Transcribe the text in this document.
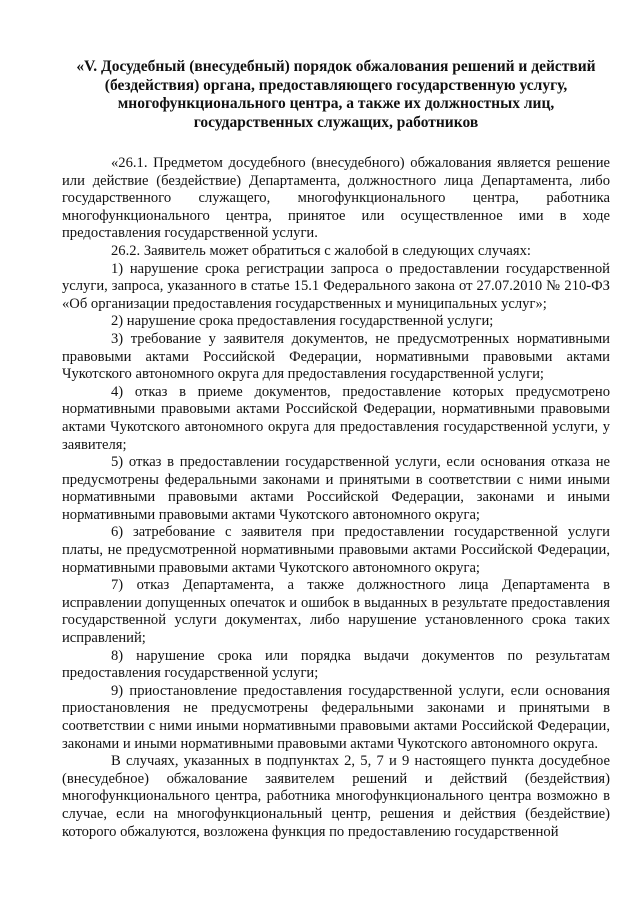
«V. Досудебный (внесудебный) порядок обжалования решений и действий (бездействия) органа, предоставляющего государственную услугу, многофункционального центра, а также их должностных лиц, государственных служащих, работников

«26.1. Предметом досудебного (внесудебного) обжалования является решение или действие (бездействие) Департамента, должностного лица Департамента, либо государственного служащего, многофункционального центра, работника многофункционального центра, принятое или осуществленное ими в ходе предоставления государственной услуги.

26.2. Заявитель может обратиться с жалобой в следующих случаях:

1) нарушение срока регистрации запроса о предоставлении государственной услуги, запроса, указанного в статье 15.1 Федерального закона от 27.07.2010 № 210-ФЗ «Об организации предоставления государственных и муниципальных услуг»;

2) нарушение срока предоставления государственной услуги;

3) требование у заявителя документов, не предусмотренных нормативными правовыми актами Российской Федерации, нормативными правовыми актами Чукотского автономного округа для предоставления государственной услуги;

4) отказ в приеме документов, предоставление которых предусмотрено нормативными правовыми актами Российской Федерации, нормативными правовыми актами Чукотского автономного округа для предоставления государственной услуги, у заявителя;

5) отказ в предоставлении государственной услуги, если основания отказа не предусмотрены федеральными законами и принятыми в соответствии с ними иными нормативными правовыми актами Российской Федерации, законами и иными нормативными правовыми актами Чукотского автономного округа;

6) затребование с заявителя при предоставлении государственной услуги платы, не предусмотренной нормативными правовыми актами Российской Федерации, нормативными правовыми актами Чукотского автономного округа;

7) отказ Департамента, а также должностного лица Департамента в исправлении допущенных опечаток и ошибок в выданных в результате предоставления государственной услуги документах, либо нарушение установленного срока таких исправлений;

8) нарушение срока или порядка выдачи документов по результатам предоставления государственной услуги;

9) приостановление предоставления государственной услуги, если основания приостановления не предусмотрены федеральными законами и принятыми в соответствии с ними иными нормативными правовыми актами Российской Федерации, законами и иными нормативными правовыми актами Чукотского автономного округа.

В случаях, указанных в подпунктах 2, 5, 7 и 9 настоящего пункта досудебное (внесудебное) обжалование заявителем решений и действий (бездействия) многофункционального центра, работника многофункционального центра возможно в случае, если на многофункциональный центр, решения и действия (бездействие) которого обжалуются, возложена функция по предоставлению государственной
